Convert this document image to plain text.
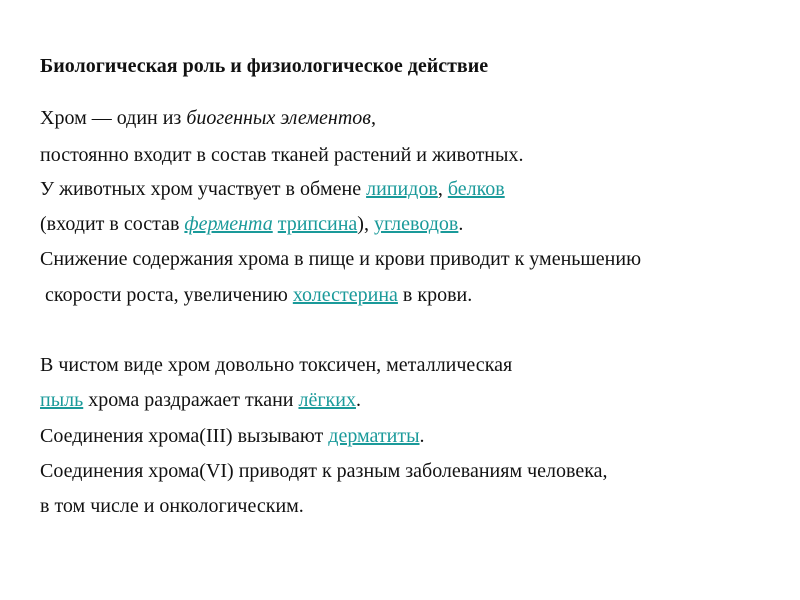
Биологическая роль и физиологическое действие
Хром — один из биогенных элементов,
постоянно входит в состав тканей растений и животных.
У животных хром участвует в обмене липидов, белков
(входит в состав фермента трипсина), углеводов.
Снижение содержания хрома в пище и крови приводит к уменьшению
скорости роста, увеличению холестерина в крови.
В чистом виде хром довольно токсичен, металлическая
пыль хрома раздражает ткани лёгких.
Соединения хрома(III) вызывают дерматиты.
Соединения хрома(VI) приводят к разным заболеваниям человека,
в том числе и онкологическим.
